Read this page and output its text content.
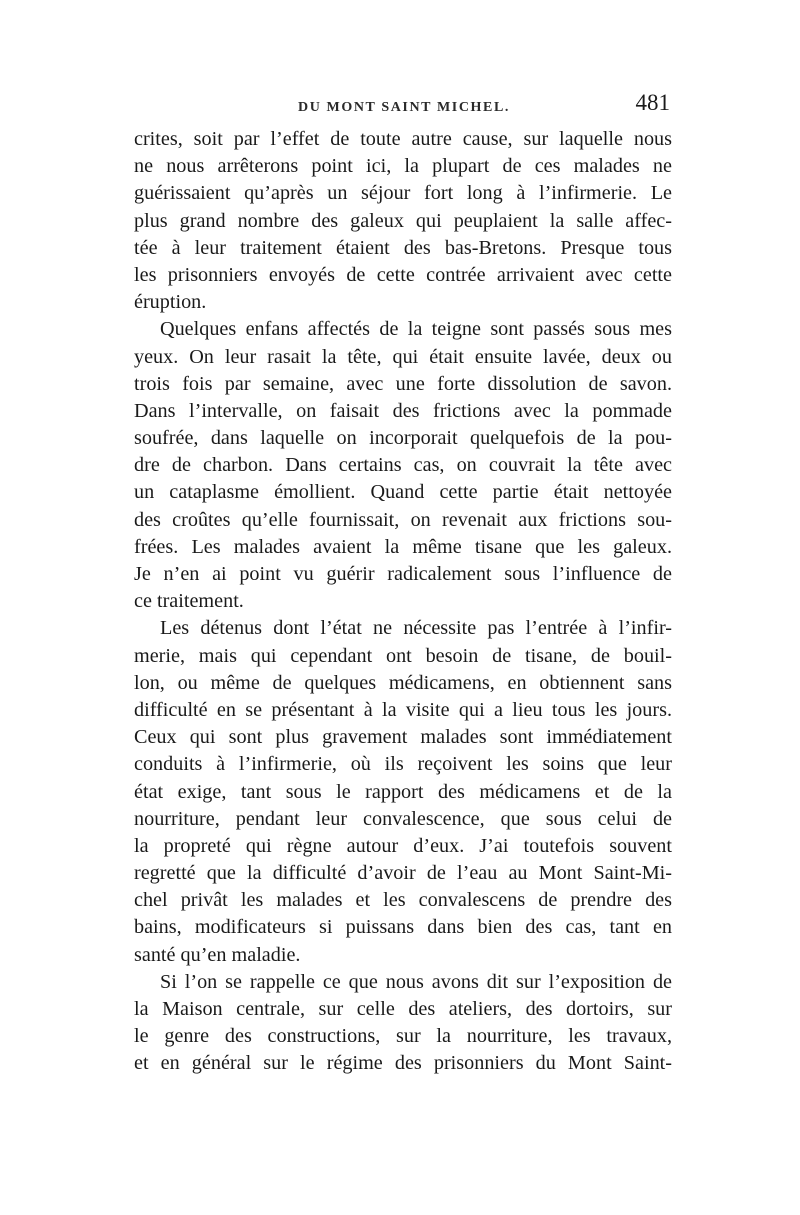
DU MONT SAINT MICHEL.	481
crites, soit par l’effet de toute autre cause, sur laquelle nous
ne nous arrêterons point ici, la plupart de ces malades ne
guérissaient qu’après un séjour fort long à l’infirmerie. Le
plus grand nombre des galeux qui peuplaient la salle affec-
tée à leur traitement étaient des bas-Bretons. Presque tous
les prisonniers envoyés de cette contrée arrivaient avec cette
éruption.
Quelques enfans affectés de la teigne sont passés sous mes
yeux. On leur rasait la tête, qui était ensuite lavée, deux ou
trois fois par semaine, avec une forte dissolution de savon.
Dans l’intervalle, on faisait des frictions avec la pommade
soufrée, dans laquelle on incorporait quelquefois de la pou-
dre de charbon. Dans certains cas, on couvrait la tête avec
un cataplasme émollient. Quand cette partie était nettoyée
des croûtes qu’elle fournissait, on revenait aux frictions sou-
frées. Les malades avaient la même tisane que les galeux.
Je n’en ai point vu guérir radicalement sous l’influence de
ce traitement.
Les détenus dont l’état ne nécessite pas l’entrée à l’infir-
merie, mais qui cependant ont besoin de tisane, de bouil-
lon, ou même de quelques médicamens, en obtiennent sans
difficulté en se présentant à la visite qui a lieu tous les jours.
Ceux qui sont plus gravement malades sont immédiatement
conduits à l’infirmerie, où ils reçoivent les soins que leur
état exige, tant sous le rapport des médicamens et de la
nourriture, pendant leur convalescence, que sous celui de
la propreté qui règne autour d’eux. J’ai toutefois souvent
regretté que la difficulté d’avoir de l’eau au Mont Saint-Mi-
chel privât les malades et les convalescens de prendre des
bains, modificateurs si puissans dans bien des cas, tant en
santé qu’en maladie.
Si l’on se rappelle ce que nous avons dit sur l’exposition de
la Maison centrale, sur celle des ateliers, des dortoirs, sur
le genre des constructions, sur la nourriture, les travaux,
et en général sur le régime des prisonniers du Mont Saint-
